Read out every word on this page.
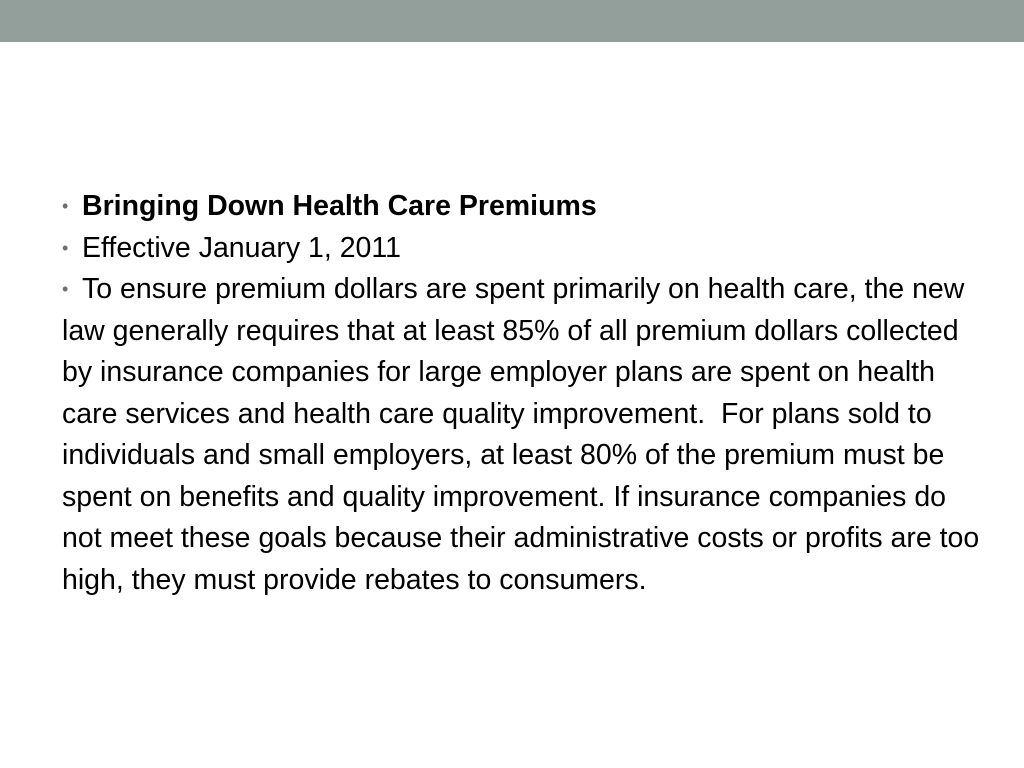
• Bringing Down Health Care Premiums

• Effective January 1, 2011

• To ensure premium dollars are spent primarily on health care, the new law generally requires that at least 85% of all premium dollars collected by insurance companies for large employer plans are spent on health care services and health care quality improvement.  For plans sold to individuals and small employers, at least 80% of the premium must be spent on benefits and quality improvement. If insurance companies do not meet these goals because their administrative costs or profits are too high, they must provide rebates to consumers.
